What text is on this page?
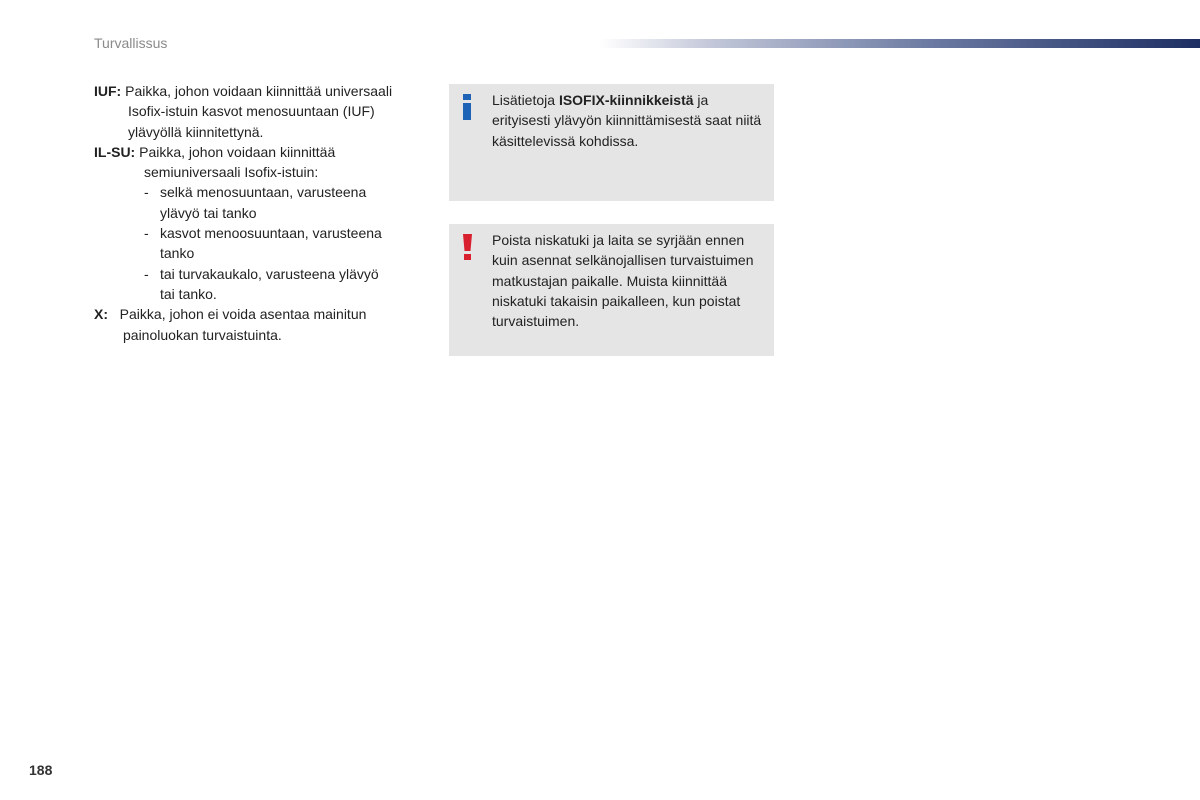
Turvallissus
IUF: Paikka, johon voidaan kiinnittää universaali
Isofix-istuin kasvot menosuuntaan (IUF)
ylävyöllä kiinnitettynä.
IL-SU: Paikka, johon voidaan kiinnittää
semiuniversaali Isofix-istuin:
- selkä menosuuntaan, varusteena
ylävyö tai tanko
- kasvot menoosuuntaan, varusteena
tanko
- tai turvakaukalo, varusteena ylävyö
tai tanko.
X: Paikka, johon ei voida asentaa mainitun
painoluokan turvaistuinta.
Lisätietoja ISOFIX-kiinnikkeistä ja erityisesti ylävyön kiinnittämisestä saat niitä käsittelevissä kohdissa.
Poista niskatuki ja laita se syrjään ennen kuin asennat selkänojallisen turvaistuimen matkustajan paikalle. Muista kiinnittää niskatuki takaisin paikalleen, kun poistat turvaistuimen.
188
